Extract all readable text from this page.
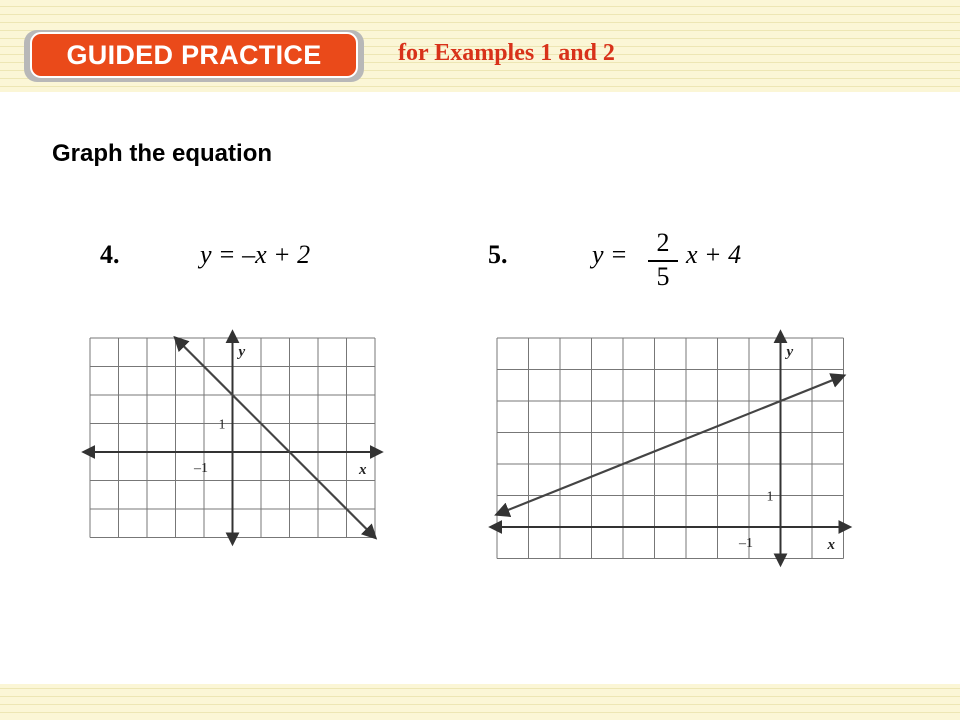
GUIDED PRACTICE	for Examples 1 and 2
Graph the equation
4.	y = –x + 2	5.	y =	2
5
x + 4
x
y
–1
1
x
y
–1
1
